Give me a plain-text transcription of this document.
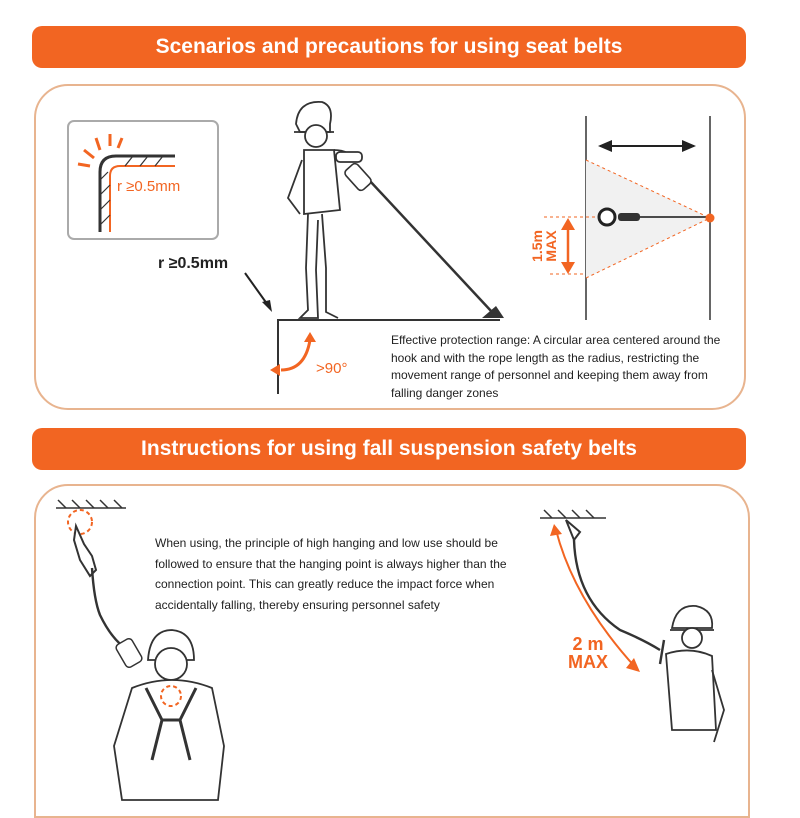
Scenarios and precautions for using seat belts
r ≥0.5mm
r ≥0.5mm
>90°
1.5m
MAX
2 m
MAX
Effective protection range: A circular area centered around the hook and with the rope length as the radius, restricting the movement range of personnel and keeping them away from falling danger zones
Instructions for using fall suspension safety belts
When using, the principle of high hanging and low use should be followed to ensure that the hanging point is always higher than the connection point. This can greatly reduce the impact force when accidentally falling, thereby ensuring personnel safety
